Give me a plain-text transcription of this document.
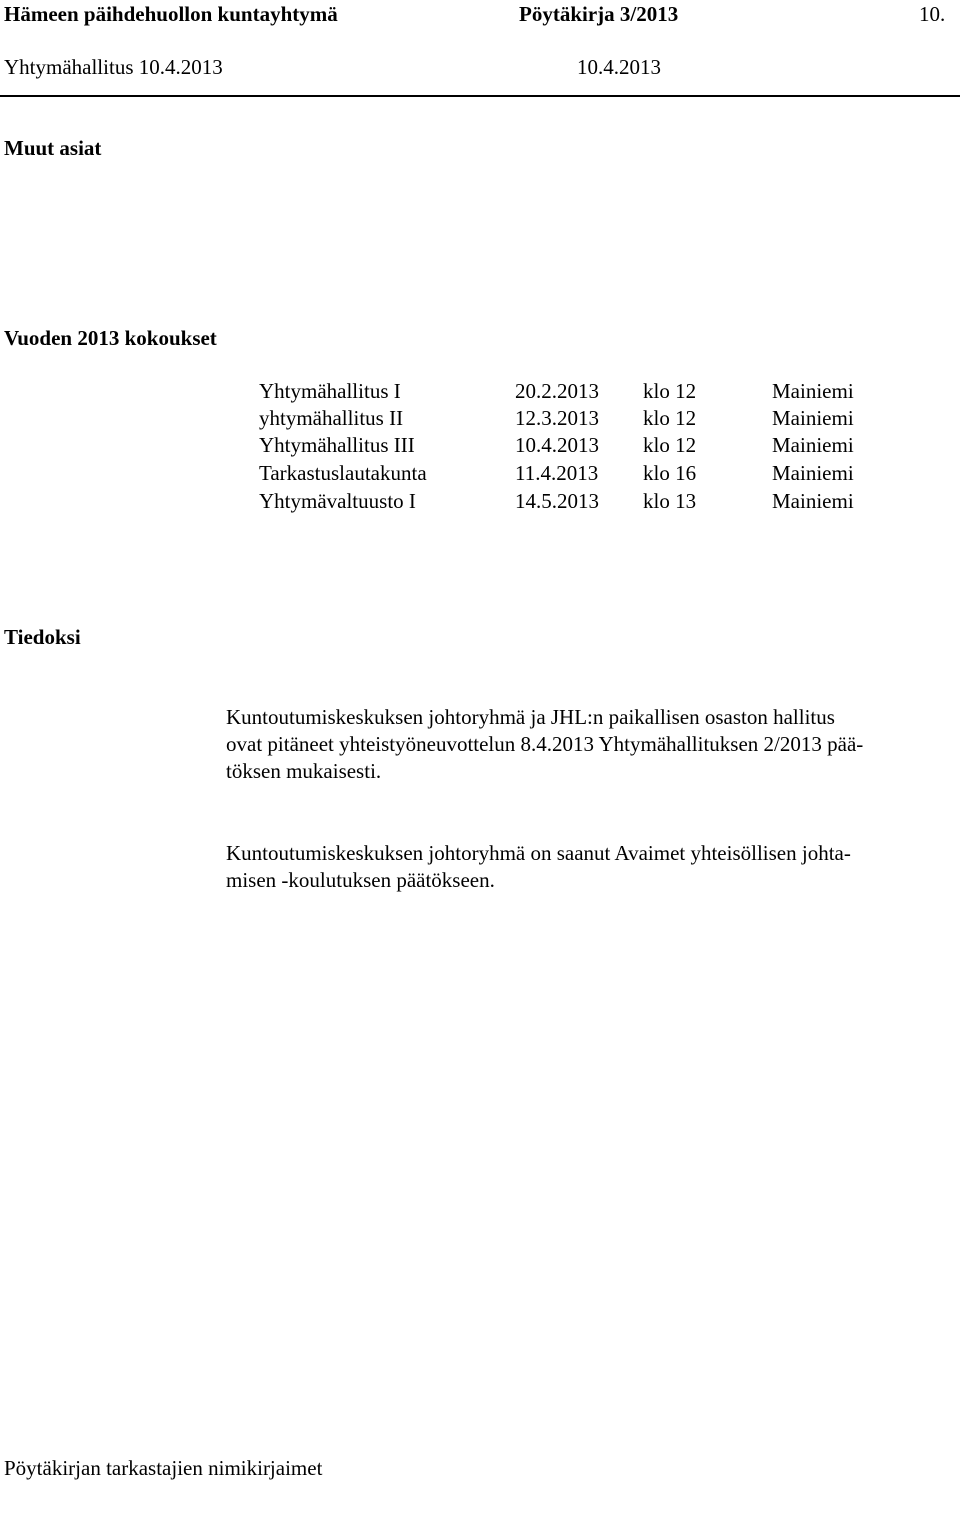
Hämeen päihdehuollon kuntayhtymä	Pöytäkirja 3/2013	10.
Yhtymähallitus 10.4.2013	10.4.2013
Muut asiat
Vuoden 2013 kokoukset
Yhtymähallitus I	20.2.2013 klo 12	Mainiemi
yhtymähallitus II	12.3.2013 klo 12	Mainiemi
Yhtymähallitus III	10.4.2013 klo 12	Mainiemi
Tarkastuslautakunta	11.4.2013 klo 16	Mainiemi
Yhtymävaltuusto I	14.5.2013 klo 13	Mainiemi
Tiedoksi
Kuntoutumiskeskuksen johtoryhmä ja JHL:n paikallisen osaston hallitus
ovat pitäneet yhteistyöneuvottelun 8.4.2013 Yhtymähallituksen 2/2013 pää-
töksen mukaisesti.
Kuntoutumiskeskuksen johtoryhmä on saanut Avaimet yhteisöllisen johta-
misen -koulutuksen päätökseen.
Pöytäkirjan tarkastajien nimikirjaimet
